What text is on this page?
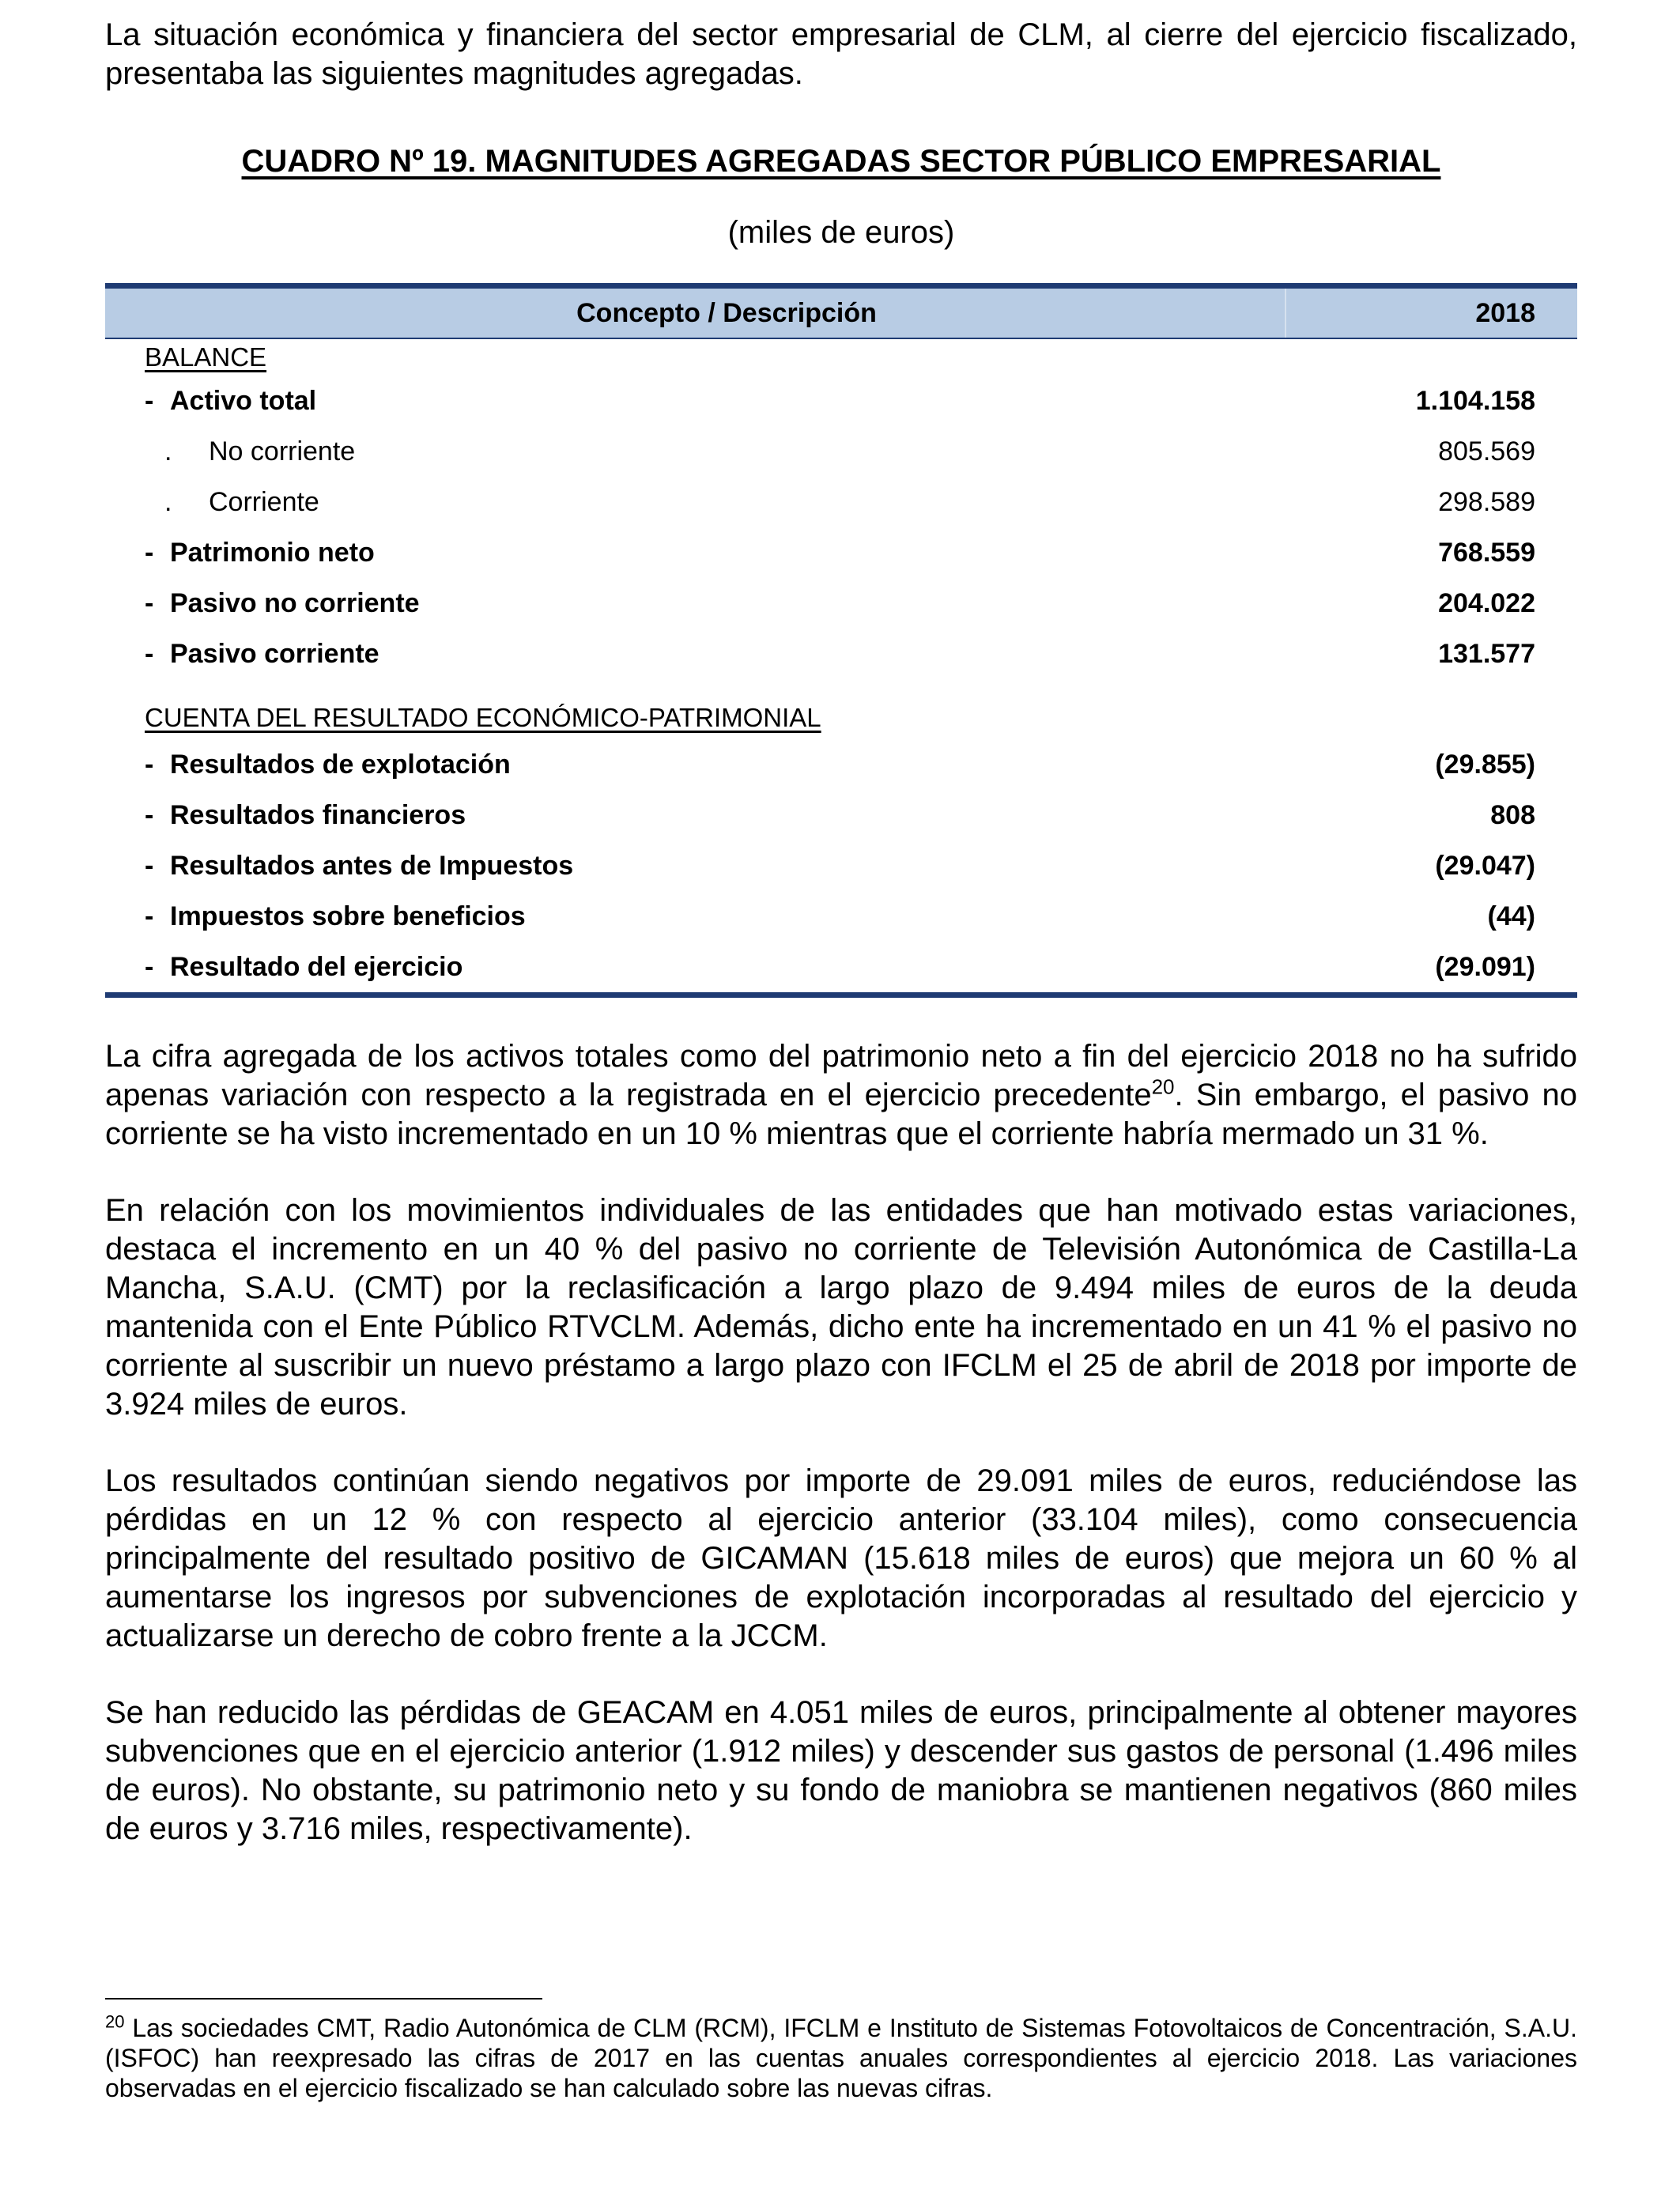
La situación económica y financiera del sector empresarial de CLM, al cierre del ejercicio fiscalizado, presentaba las siguientes magnitudes agregadas.

CUADRO Nº 19. MAGNITUDES AGREGADAS SECTOR PÚBLICO EMPRESARIAL
(miles de euros)
Concepto / Descripción	2018
BALANCE
- Activo total	1.104.158
. No corriente	805.569
. Corriente	298.589
- Patrimonio neto	768.559
- Pasivo no corriente	204.022
- Pasivo corriente	131.577
CUENTA DEL RESULTADO ECONÓMICO-PATRIMONIAL
- Resultados de explotación	(29.855)
- Resultados financieros	808
- Resultados antes de Impuestos	(29.047)
- Impuestos sobre beneficios	(44)
- Resultado del ejercicio	(29.091)

La cifra agregada de los activos totales como del patrimonio neto a fin del ejercicio 2018 no ha sufrido apenas variación con respecto a la registrada en el ejercicio precedente$^{20}$. Sin embargo, el pasivo no corriente se ha visto incrementado en un 10 % mientras que el corriente habría mermado un 31 %.

En relación con los movimientos individuales de las entidades que han motivado estas variaciones, destaca el incremento en un 40 % del pasivo no corriente de Televisión Autonómica de Castilla-La Mancha, S.A.U. (CMT) por la reclasificación a largo plazo de 9.494 miles de euros de la deuda mantenida con el Ente Público RTVCLM. Además, dicho ente ha incrementado en un 41 % el pasivo no corriente al suscribir un nuevo préstamo a largo plazo con IFCLM el 25 de abril de 2018 por importe de 3.924 miles de euros.

Los resultados continúan siendo negativos por importe de 29.091 miles de euros, reduciéndose las pérdidas en un 12 % con respecto al ejercicio anterior (33.104 miles), como consecuencia principalmente del resultado positivo de GICAMAN (15.618 miles de euros) que mejora un 60 % al aumentarse los ingresos por subvenciones de explotación incorporadas al resultado del ejercicio y actualizarse un derecho de cobro frente a la JCCM.

Se han reducido las pérdidas de GEACAM en 4.051 miles de euros, principalmente al obtener mayores subvenciones que en el ejercicio anterior (1.912 miles) y descender sus gastos de personal (1.496 miles de euros). No obstante, su patrimonio neto y su fondo de maniobra se mantienen negativos (860 miles de euros y 3.716 miles, respectivamente).

$^{20}$ Las sociedades CMT, Radio Autonómica de CLM (RCM), IFCLM e Instituto de Sistemas Fotovoltaicos de Concentración, S.A.U. (ISFOC) han reexpresado las cifras de 2017 en las cuentas anuales correspondientes al ejercicio 2018. Las variaciones observadas en el ejercicio fiscalizado se han calculado sobre las nuevas cifras.
